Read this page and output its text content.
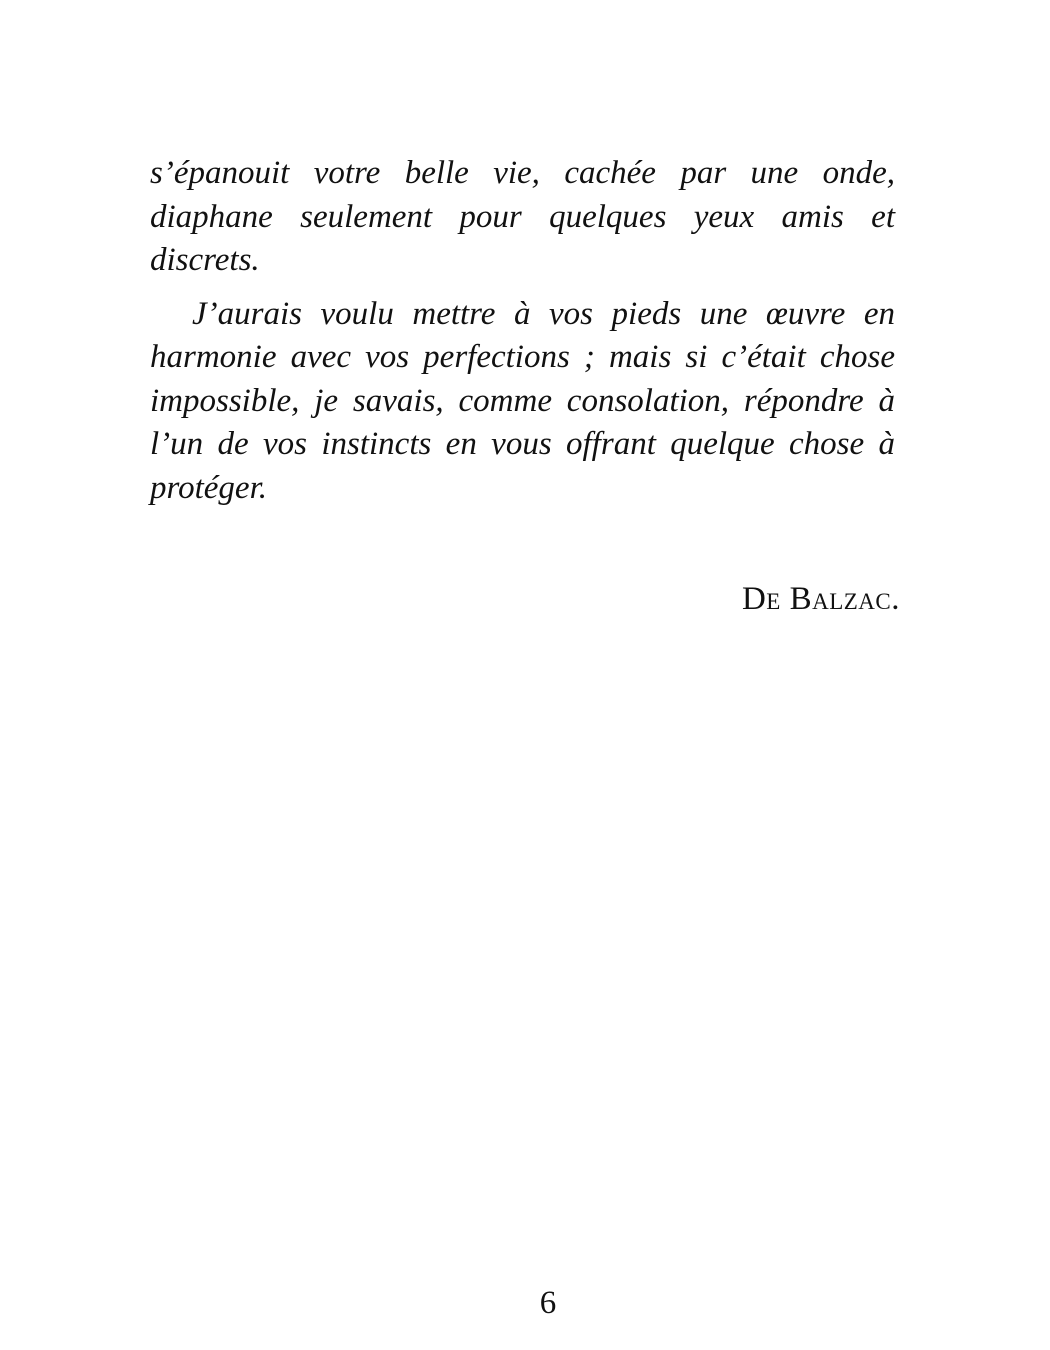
s’épanouit votre belle vie, cachée par une onde, diaphane seulement pour quelques yeux amis et discrets.

J’aurais voulu mettre à vos pieds une œuvre en harmonie avec vos perfections ; mais si c’était chose impossible, je savais, comme consolation, répondre à l’un de vos instincts en vous offrant quelque chose à protéger.

De Balzac.
6
